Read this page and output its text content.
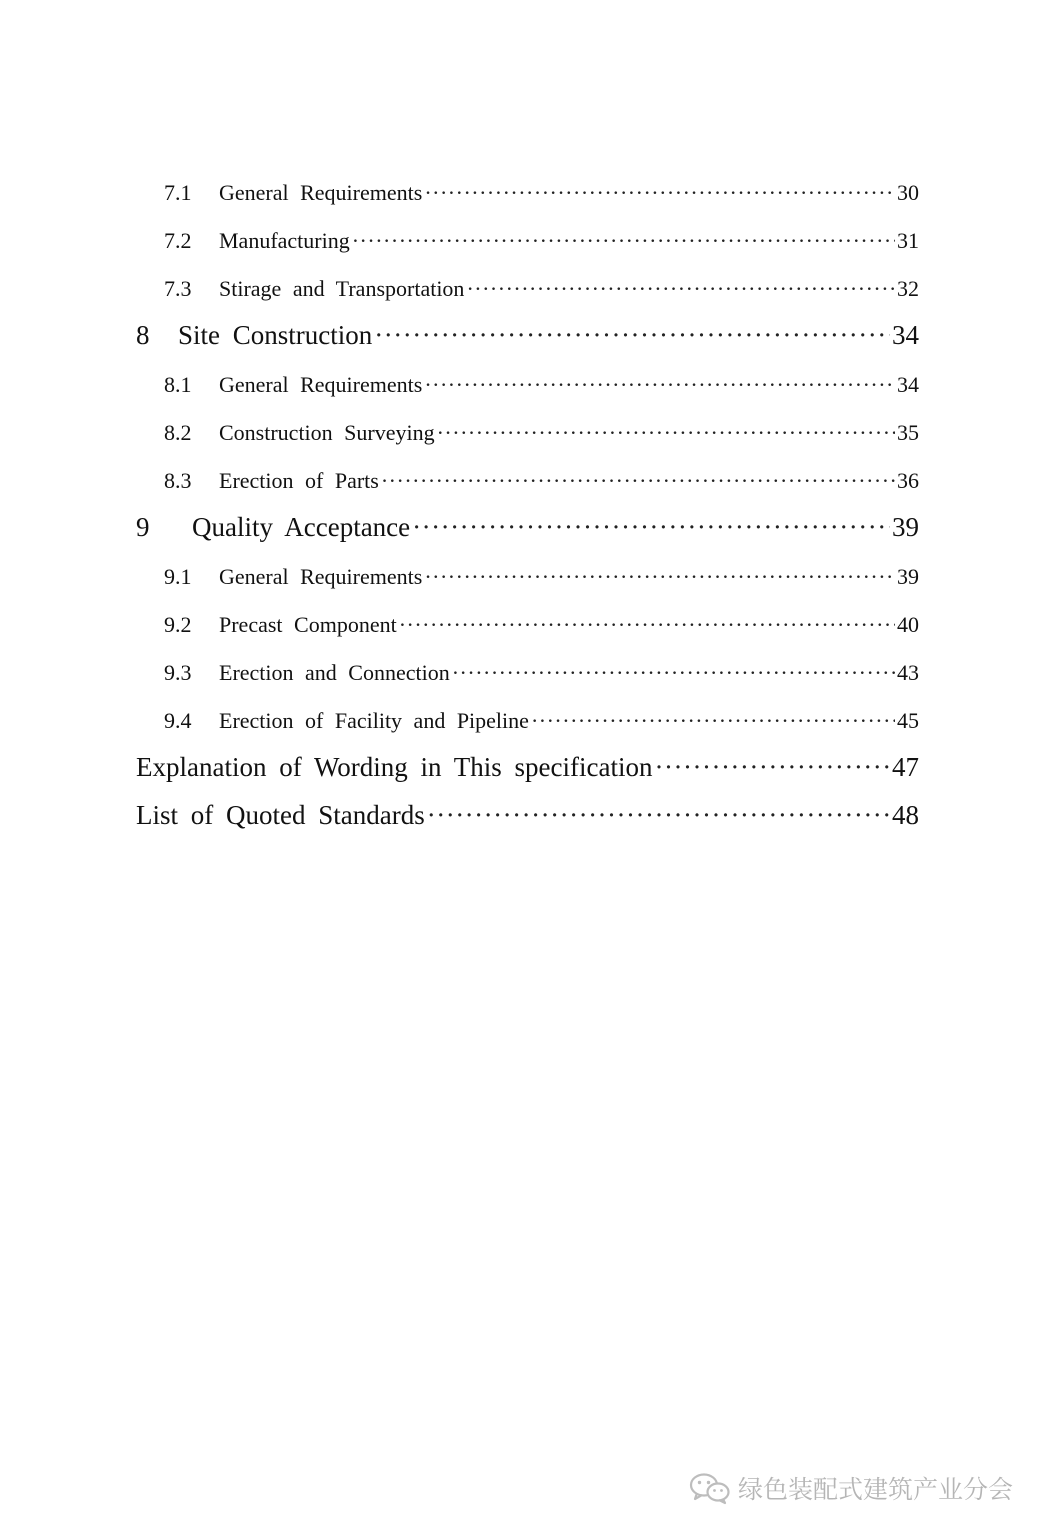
7.1	General Requirements ·····	30
7.2	Manufacturing ·····	31
7.3	Stirage and Transportation ·····	32
8	Site Construction ·····	34
8.1	General Requirements ·····	34
8.2	Construction Surveying ·····	35
8.3	Erection of Parts ·····	36
9	Quality Acceptance ·····	39
9.1	General Requirements ·····	39
9.2	Precast Component ·····	40
9.3	Erection and Connection ·····	43
9.4	Erection of Facility and Pipeline ·····	45
Explanation of Wording in This specification ·····	47
List of Quoted Standards ·····	48
绿色装配式建筑产业分会
